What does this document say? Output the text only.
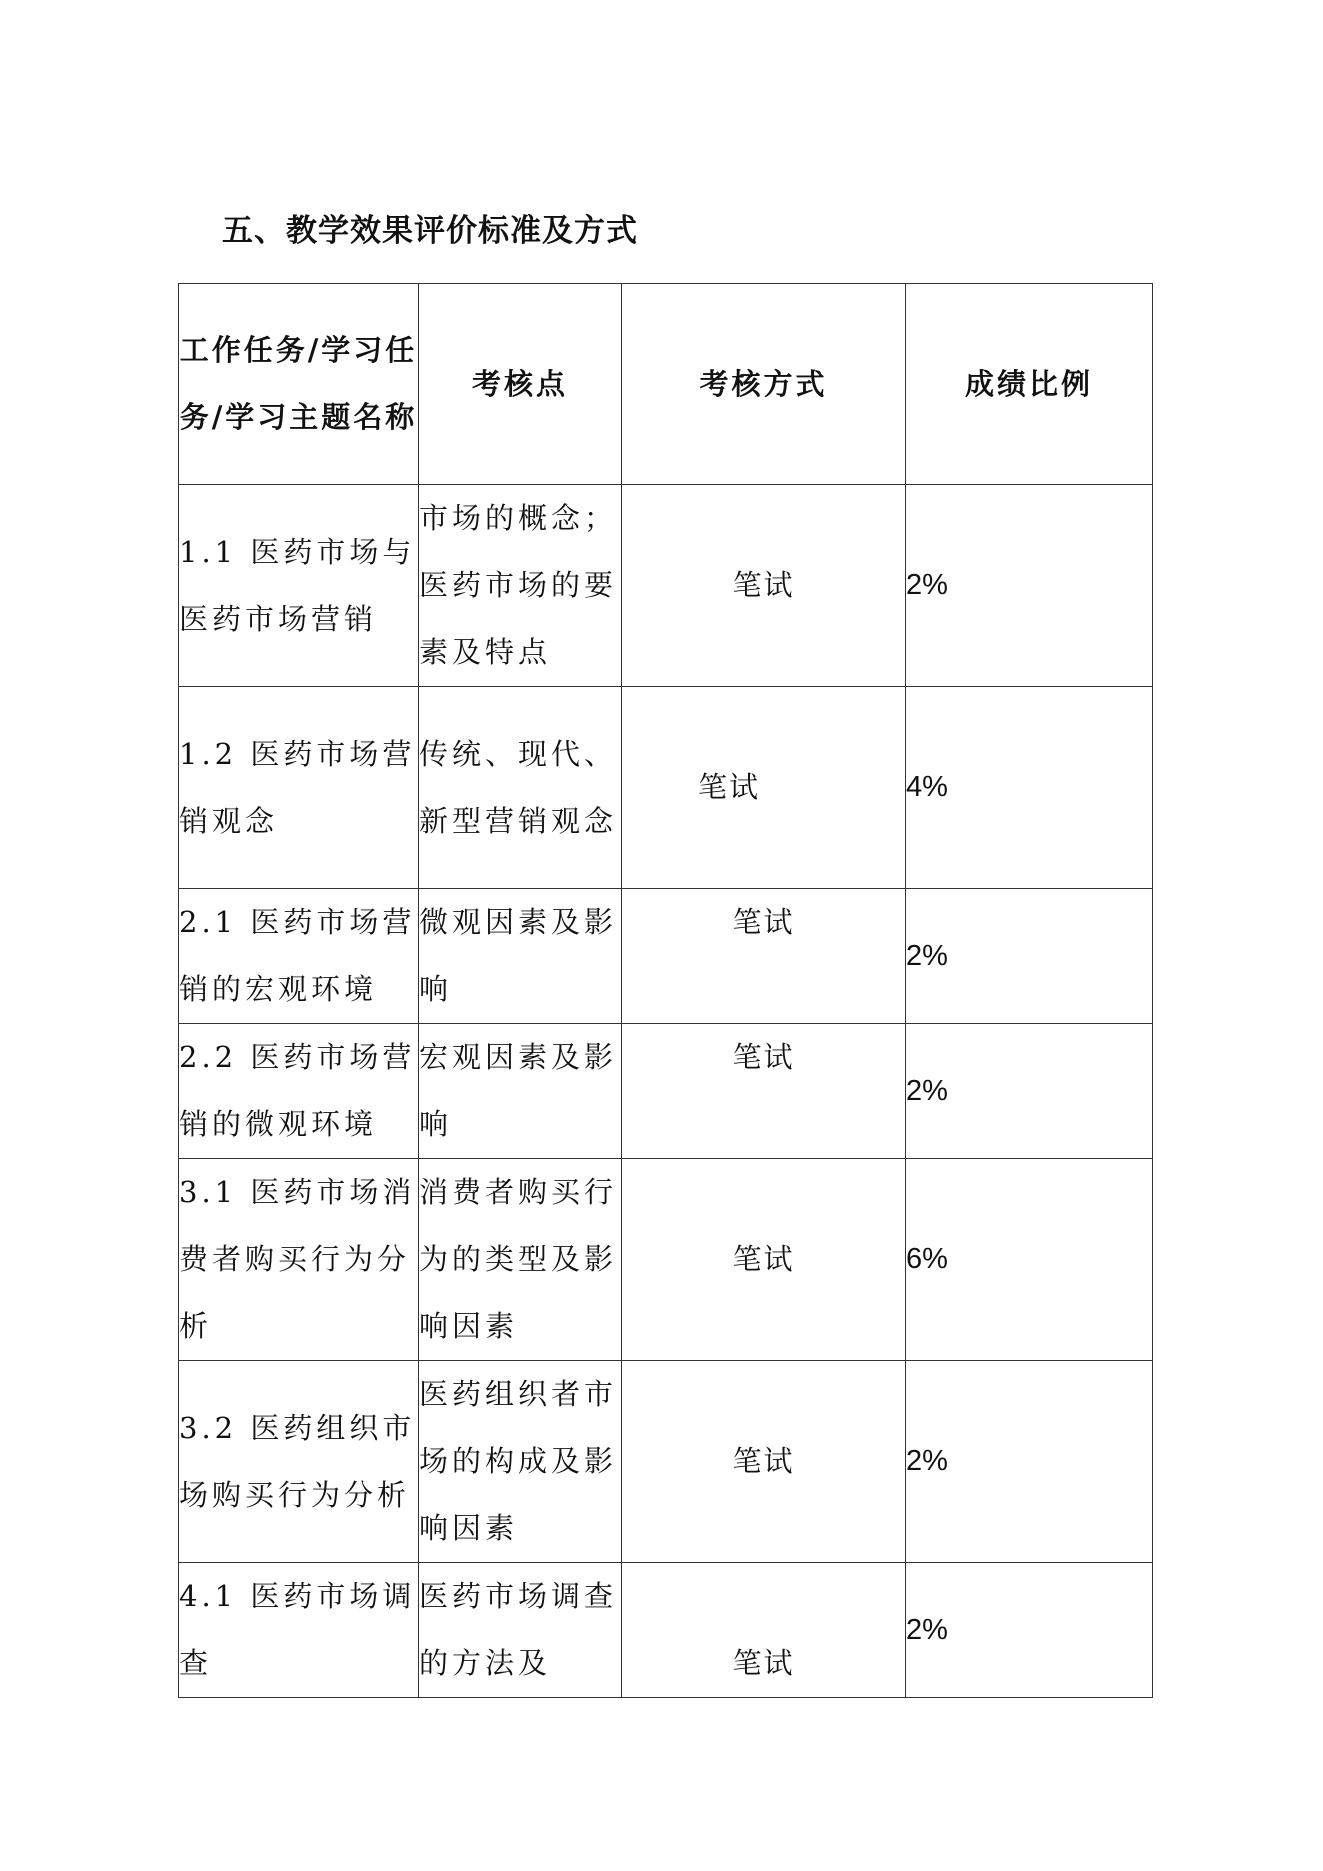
五、教学效果评价标准及方式
工作任务/学习任务/学习主题名称	考核点	考核方式	成绩比例
1.1 医药市场与医药市场营销	市场的概念；医药市场的要素及特点	笔试	2%
1.2 医药市场营销观念	传统、现代、新型营销观念	笔试	4%
2.1 医药市场营销的宏观环境	微观因素及影响	笔试	2%
2.2 医药市场营销的微观环境	宏观因素及影响	笔试	2%
3.1 医药市场消费者购买行为分析	消费者购买行为的类型及影响因素	笔试	6%
3.2 医药组织市场购买行为分析	医药组织者市场的构成及影响因素	笔试	2%
4.1 医药市场调查	医药市场调查的方法及	笔试	2%
